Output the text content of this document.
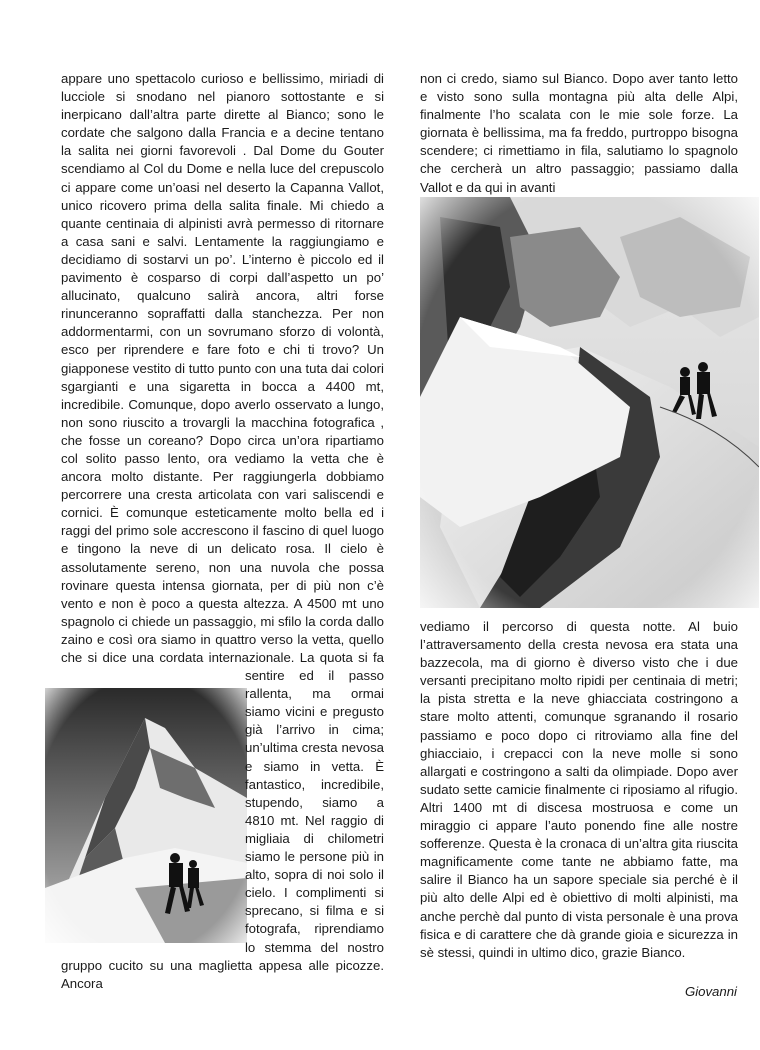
appare uno spettacolo curioso e bellissimo, miriadi di lucciole si snodano nel pianoro sottostante e si inerpicano dall’altra parte dirette al Bianco; sono le cordate che salgono dalla Francia e a decine tentano la salita nei giorni favorevoli . Dal Dome du Gouter scendiamo al Col du Dome e nella luce del crepuscolo ci appare come un’oasi nel deserto la Capanna Vallot, unico ricovero prima della salita finale. Mi chiedo a quante centinaia di alpinisti avrà permesso di ritornare a casa sani e salvi. Lentamente la raggiungiamo e decidiamo di sostarvi un po’. L’interno è piccolo ed il pavimento è cosparso di corpi dall’aspetto un po’ allucinato, qualcuno salirà ancora, altri forse rinunceranno sopraffatti dalla stanchezza. Per non addormentarmi, con un sovrumano sforzo di volontà, esco per riprendere e fare foto e chi ti trovo? Un giapponese vestito di tutto punto con una tuta dai colori sgargianti e una sigaretta in bocca a 4400 mt, incredibile. Comunque, dopo averlo osservato a lungo, non sono riuscito a trovargli la macchina fotografica , che fosse un coreano? Dopo circa un’ora ripartiamo col solito passo lento, ora vediamo la vetta che è ancora molto distante. Per raggiungerla dobbiamo percorrere una cresta articolata con vari saliscendi e cornici. È comunque esteticamente molto bella ed i raggi del primo sole accrescono il fascino di quel luogo e tingono la neve di un delicato rosa. Il cielo è assolutamente sereno, non una nuvola che possa rovinare questa intensa giornata, per di più non c’è vento e non è poco a questa altezza. A 4500 mt uno spagnolo ci chiede un passaggio, mi sfilo la corda dallo zaino e così ora siamo in quattro verso la vetta, quello che si dice una cordata internazionale. La quota si fa sentire ed il passo rallenta, ma ormai siamo vicini e pregusto già l’arrivo in cima; un’ultima cresta nevosa e siamo in vetta. È fantastico, incredibile, stupendo, siamo a 4810 mt. Nel raggio di migliaia di chilometri siamo le persone più in alto, sopra di noi solo il cielo. I complimenti si sprecano, si filma e si fotografa, riprendiamo lo stemma del nostro gruppo cucito su una maglietta appesa alle picozze. Ancora

non ci credo, siamo sul Bianco. Dopo aver tanto letto e visto sono sulla montagna più alta delle Alpi, finalmente l’ho scalata con le mie sole forze. La giornata è bellissima, ma fa freddo, purtroppo bisogna scendere; ci rimettiamo in fila, salutiamo lo spagnolo che cercherà un altro passaggio; passiamo dalla Vallot e da qui in avanti

vediamo il percorso di questa notte. Al buio l’attraversamento della cresta nevosa era stata una bazzecola, ma di giorno è diverso visto che i due versanti precipitano molto ripidi per centinaia di metri; la pista stretta e la neve ghiacciata costringono a stare molto attenti, comunque sgranando il rosario passiamo e poco dopo ci ritroviamo alla fine del ghiacciaio, i crepacci con la neve molle si sono allargati e costringono a salti da olimpiade. Dopo aver sudato sette camicie finalmente ci riposiamo al rifugio. Altri 1400 mt di discesa mostruosa e come un miraggio ci appare l’auto ponendo fine alle nostre sofferenze. Questa è la cronaca di un’altra gita riuscita magnificamente come tante ne abbiamo fatte, ma salire il Bianco ha un sapore speciale sia perché è il più alto delle Alpi ed è obiettivo di molti alpinisti, ma anche perchè dal punto di vista personale è una prova fisica e di carattere che dà grande gioia e sicurezza in sè stessi, quindi in ultimo dico, grazie Bianco.

Giovanni
